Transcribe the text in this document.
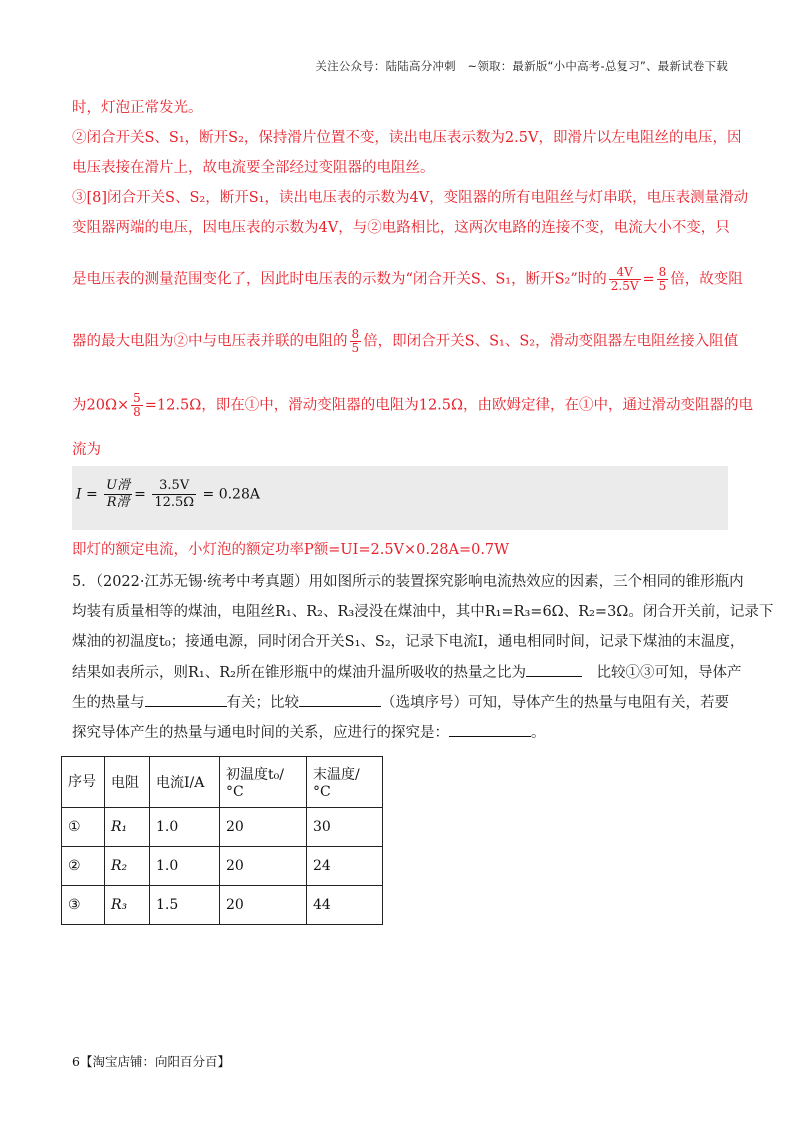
关注公众号：陆陆高分冲刺　~领取：最新版“小中高考-总复习”、最新试卷下载
时，灯泡正常发光。
②闭合开关S、S₁，断开S₂，保持滑片位置不变，读出电压表示数为2.5V，即滑片以左电阻丝的电压，因
电压表接在滑片上，故电流要全部经过变阻器的电阻丝。
③[8]闭合开关S、S₂，断开S₁，读出电压表的示数为4V，变阻器的所有电阻丝与灯串联，电压表测量滑动
变阻器两端的电压，因电压表的示数为4V，与②电路相比，这两次电路的连接不变，电流大小不变，只
是电压表的测量范围变化了，因此时电压表的示数为“闭合开关S、S₁，断开S₂”时的 $\frac{4V}{2.5V} = \frac{8}{5}$ 倍，故变阻
器的最大电阻为②中与电压表并联的电阻的 $\frac{8}{5}$ 倍，即闭合开关S、S₁、S₂，滑动变阻器左电阻丝接入阻值
为$20\Omega\times \frac{5}{8} =12.5\Omega$，即在①中，滑动变阻器的电阻为12.5Ω，由欧姆定律，在①中，通过滑动变阻器的电
流为
$I = \frac{\text{U滑}}{\text{R滑}} = \frac{3.5V}{12.5\Omega} = 0.28A$
即灯的额定电流，小灯泡的额定功率P额=UI=2.5V×0.28A=0.7W
5．（2022·江苏无锡·统考中考真题）用如图所示的装置探究影响电流热效应的因素，三个相同的锥形瓶内
均装有质量相等的煤油，电阻丝R₁、R₂、R₃浸没在煤油中，其中R₁=R₃=6Ω、R₂=3Ω。闭合开关前，记录下
煤油的初温度t₀；接通电源，同时闭合开关S₁、S₂，记录下电流I，通电相同时间，记录下煤油的末温度，
结果如表所示，则R₁、R₂所在锥形瓶中的煤油升温所吸收的热量之比为　	比较①③可知，导体产
生的热量与	有关；比较	（选填序号）可知，导体产生的热量与电阻有关，若要
探究导体产生的热量与通电时间的关系，应进行的探究是：	。
序号	电阻	电流I/A	初温度t₀/°C	末温度/°C
①	R₁	1.0	20	30
②	R₂	1.0	20	24
③	R₃	1.5	20	44
6【淘宝店铺：向阳百分百】
